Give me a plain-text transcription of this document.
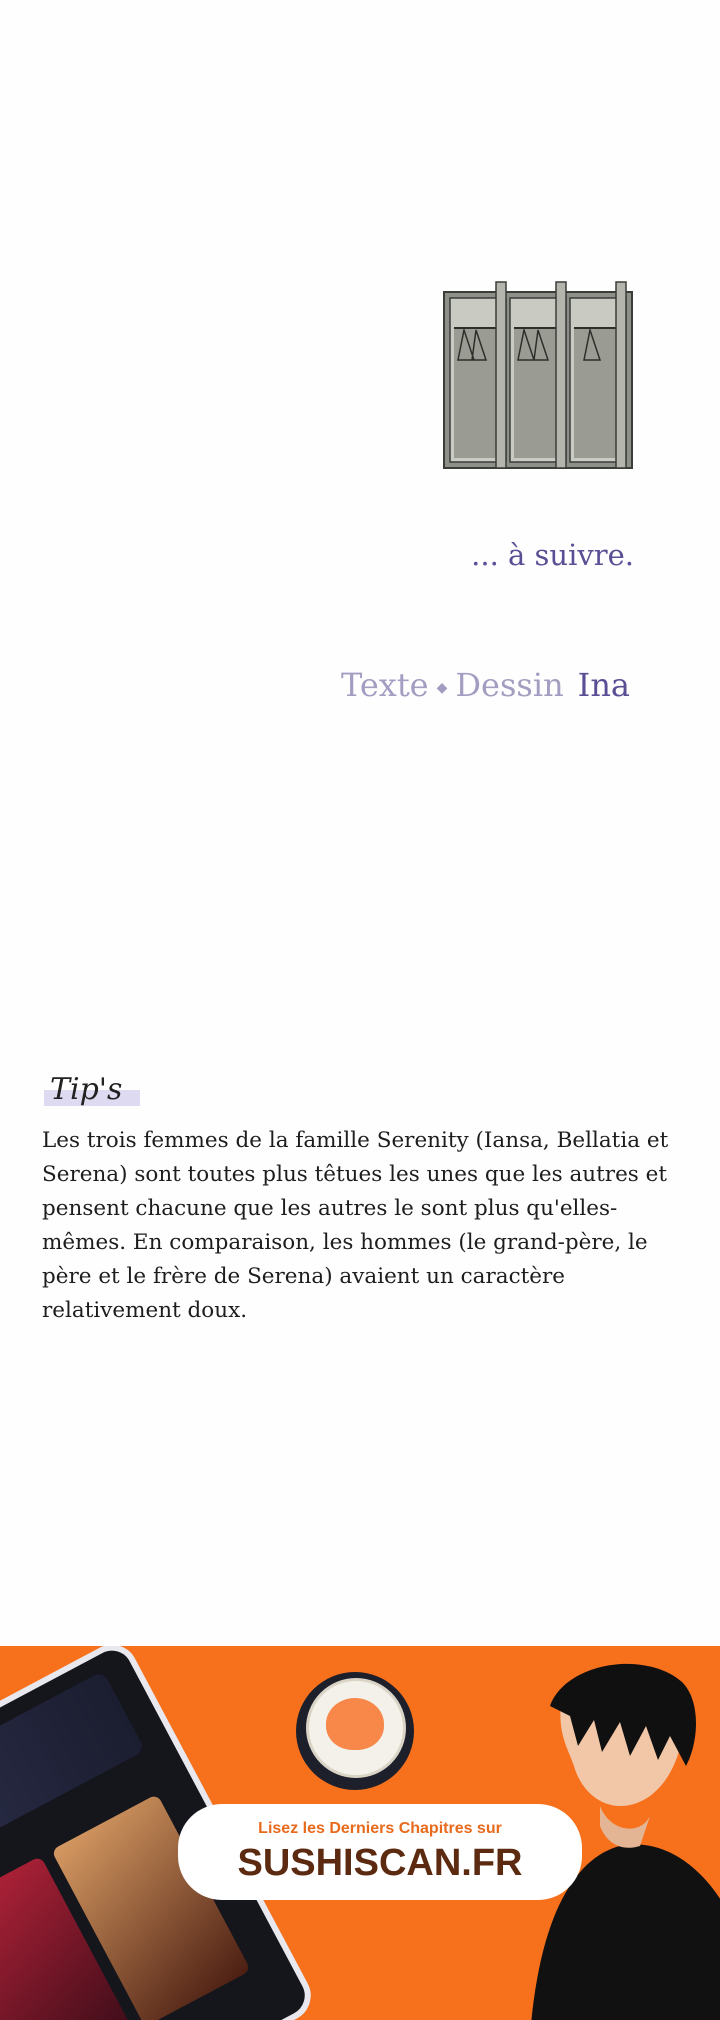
... à suivre.
Texte ◆ Dessin Ina
Tip's
Les trois femmes de la famille Serenity (Iansa, Bellatia et Serena) sont toutes plus têtues les unes que les autres et pensent chacune que les autres le sont plus qu'elles-mêmes. En comparaison, les hommes (le grand-père, le père et le frère de Serena) avaient un caractère relativement doux.
Lisez les Derniers Chapitres sur
SUSHISCAN.FR
